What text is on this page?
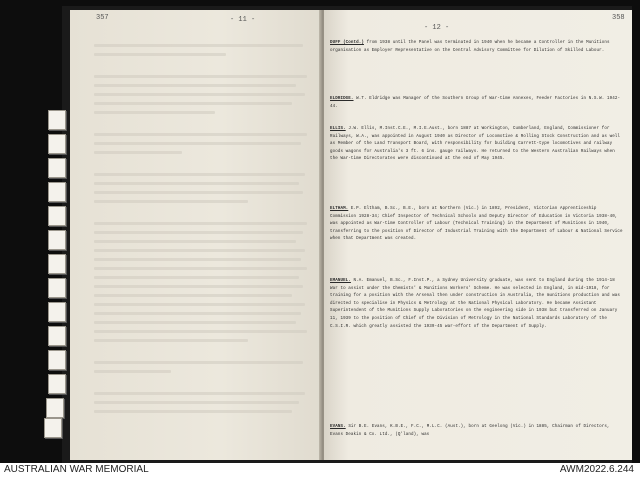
357	- 11 -
- 12 -
358
DUFF (Contd.) from 1938 until the Panel was terminated in 1940 when he became a Controller in the Munitions organisation as Employer Representative on the Central Advisory Committee for Dilution of Skilled Labour.
ELDRIDGE. W.T. Eldridge was Manager of the Southern Group of War-time Annexes, Feeder Factories in N.S.W. 1942-44.
ELLIS. J.W. Ellis, M.Inst.C.E., M.I.E.Aust., born 1887 at Workington, Cumberland, England, Commissioner for Railways, W.A., was appointed in August 1940 as Director of Locomotive & Rolling Stock Construction and as well as Member of the Land Transport Board, with responsibility for building Carrett-type locomotives and railway goods wagons for Australia's 3 ft. 6 ins. gauge railways. He returned to the Western Australian Railways when the War-time Directorates were discontinued at the end of May 1945.
ELTHAM. E.P. Eltham, B.Sc., B.E., born at Northern (Vic.) in 1892, President, Victorian Apprenticeship Commission 1928-34; Chief Inspector of Technical Schools and Deputy Director of Education in Victoria 1938-40, was appointed as War-time Controller of Labour (Technical Training) in the Department of Munitions in 1940, transferring to the position of Director of Industrial Training with the Department of Labour & National Service when that Department was created.
EMANUEL. N.A. Emanuel, B.Sc., F.Inst.P., a Sydney University graduate, was sent to England during the 1914-18 War to assist under the Chemists' & Munitions Workers' Scheme. He was selected in England, in mid-1918, for training for a position with the Arsenal then under construction in Australia, the munitions production and was directed to specialise in Physics & Metrology at the National Physical Laboratory. He became Assistant Superintendent of the Munitions Supply Laboratories on the engineering side in 1938 but transferred on January 11, 1939 to the position of Chief of the Division of Metrology in the National Standards Laboratory of the C.S.I.R. which greatly assisted the 1939-45 war-effort of the Department of Supply.
EVANS. Sir B.E. Evans, K.B.E., F.C., M.L.C. (Aust.), born at Geelong (Vic.) in 1885, Chairman of Directors, Evans Deakin & Co. Ltd., (Q'land), was
AUSTRALIAN WAR MEMORIAL	AWM2022.6.244
